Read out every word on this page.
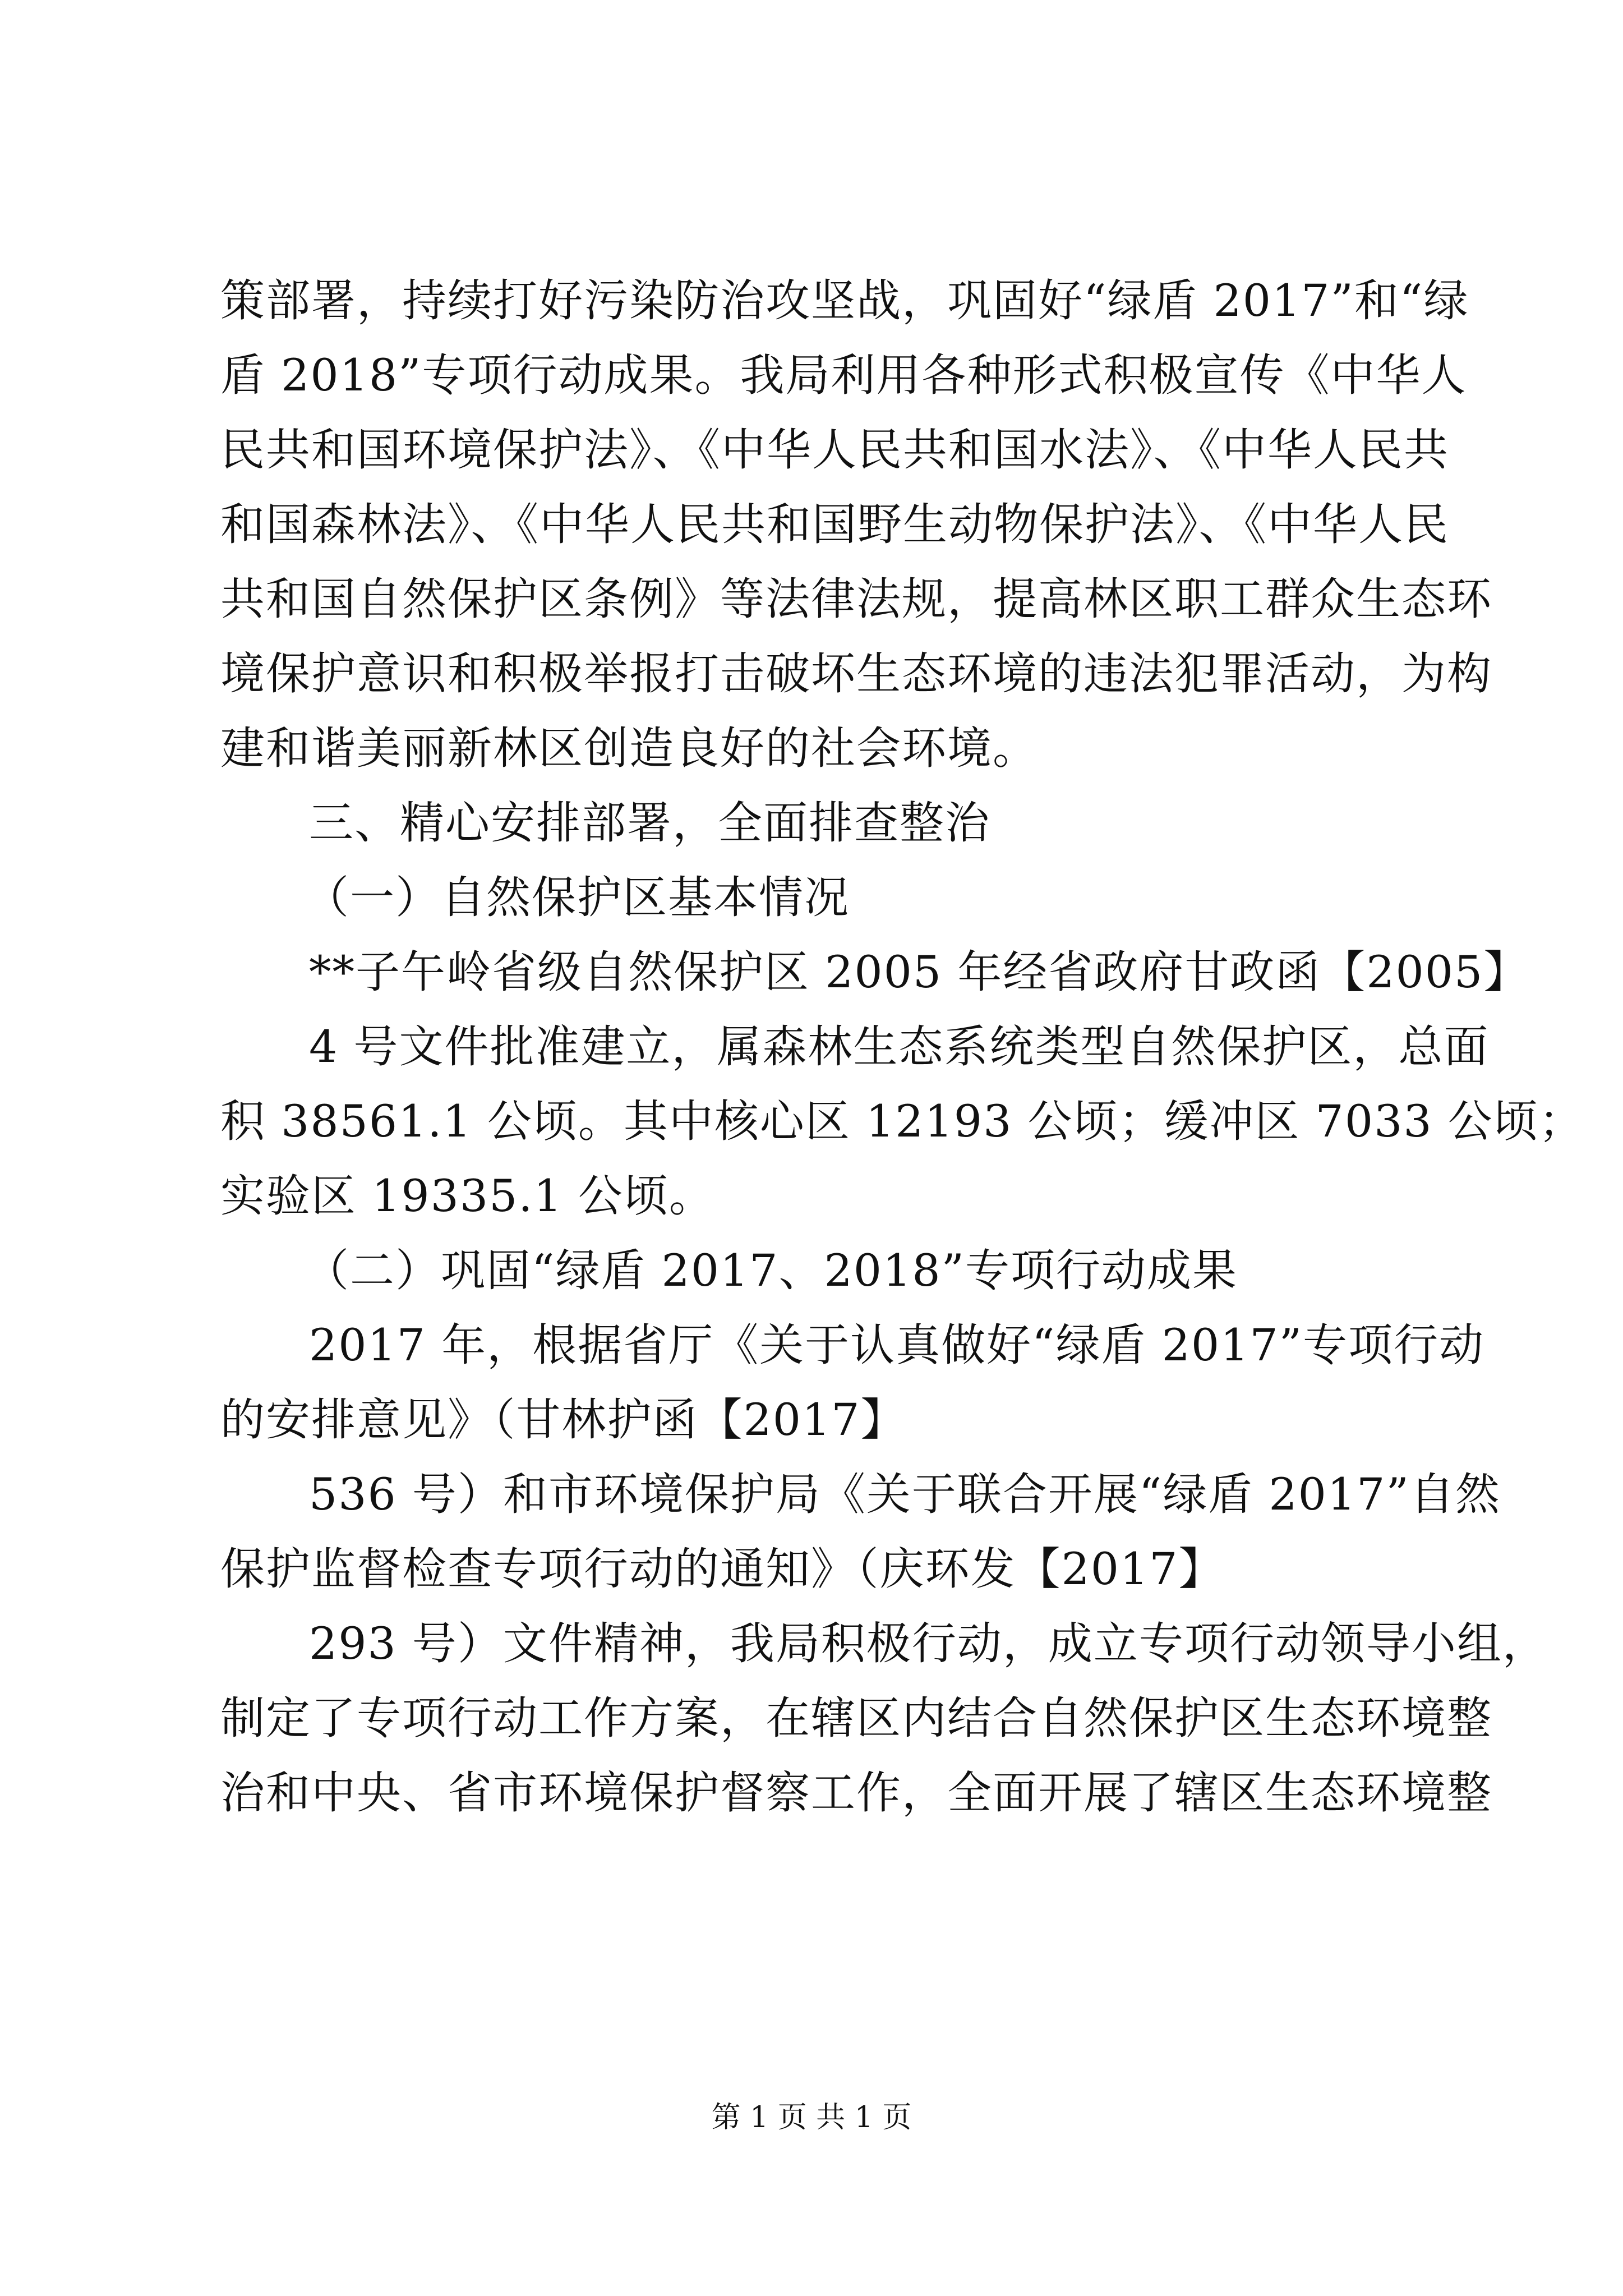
策部署，持续打好污染防治攻坚战，巩固好“绿盾 2017”和“绿
盾 2018”专项行动成果。我局利用各种形式积极宣传《中华人
民共和国环境保护法》、《中华人民共和国水法》、《中华人民共
和国森林法》、《中华人民共和国野生动物保护法》、《中华人民
共和国自然保护区条例》等法律法规，提高林区职工群众生态环
境保护意识和积极举报打击破坏生态环境的违法犯罪活动，为构
建和谐美丽新林区创造良好的社会环境。
三、精心安排部署，全面排查整治
（一）自然保护区基本情况
**子午岭省级自然保护区 2005 年经省政府甘政函【2005】
4 号文件批准建立，属森林生态系统类型自然保护区，总面
积 38561.1 公顷。其中核心区 12193 公顷；缓冲区 7033 公顷；
实验区 19335.1 公顷。
（二）巩固“绿盾 2017、2018”专项行动成果
2017 年，根据省厅《关于认真做好“绿盾 2017”专项行动
的安排意见》（甘林护函【2017】
536 号）和市环境保护局《关于联合开展“绿盾 2017”自然
保护监督检查专项行动的通知》（庆环发【2017】
293 号）文件精神，我局积极行动，成立专项行动领导小组，
制定了专项行动工作方案，在辖区内结合自然保护区生态环境整
治和中央、省市环境保护督察工作，全面开展了辖区生态环境整
第 1 页 共 1 页
